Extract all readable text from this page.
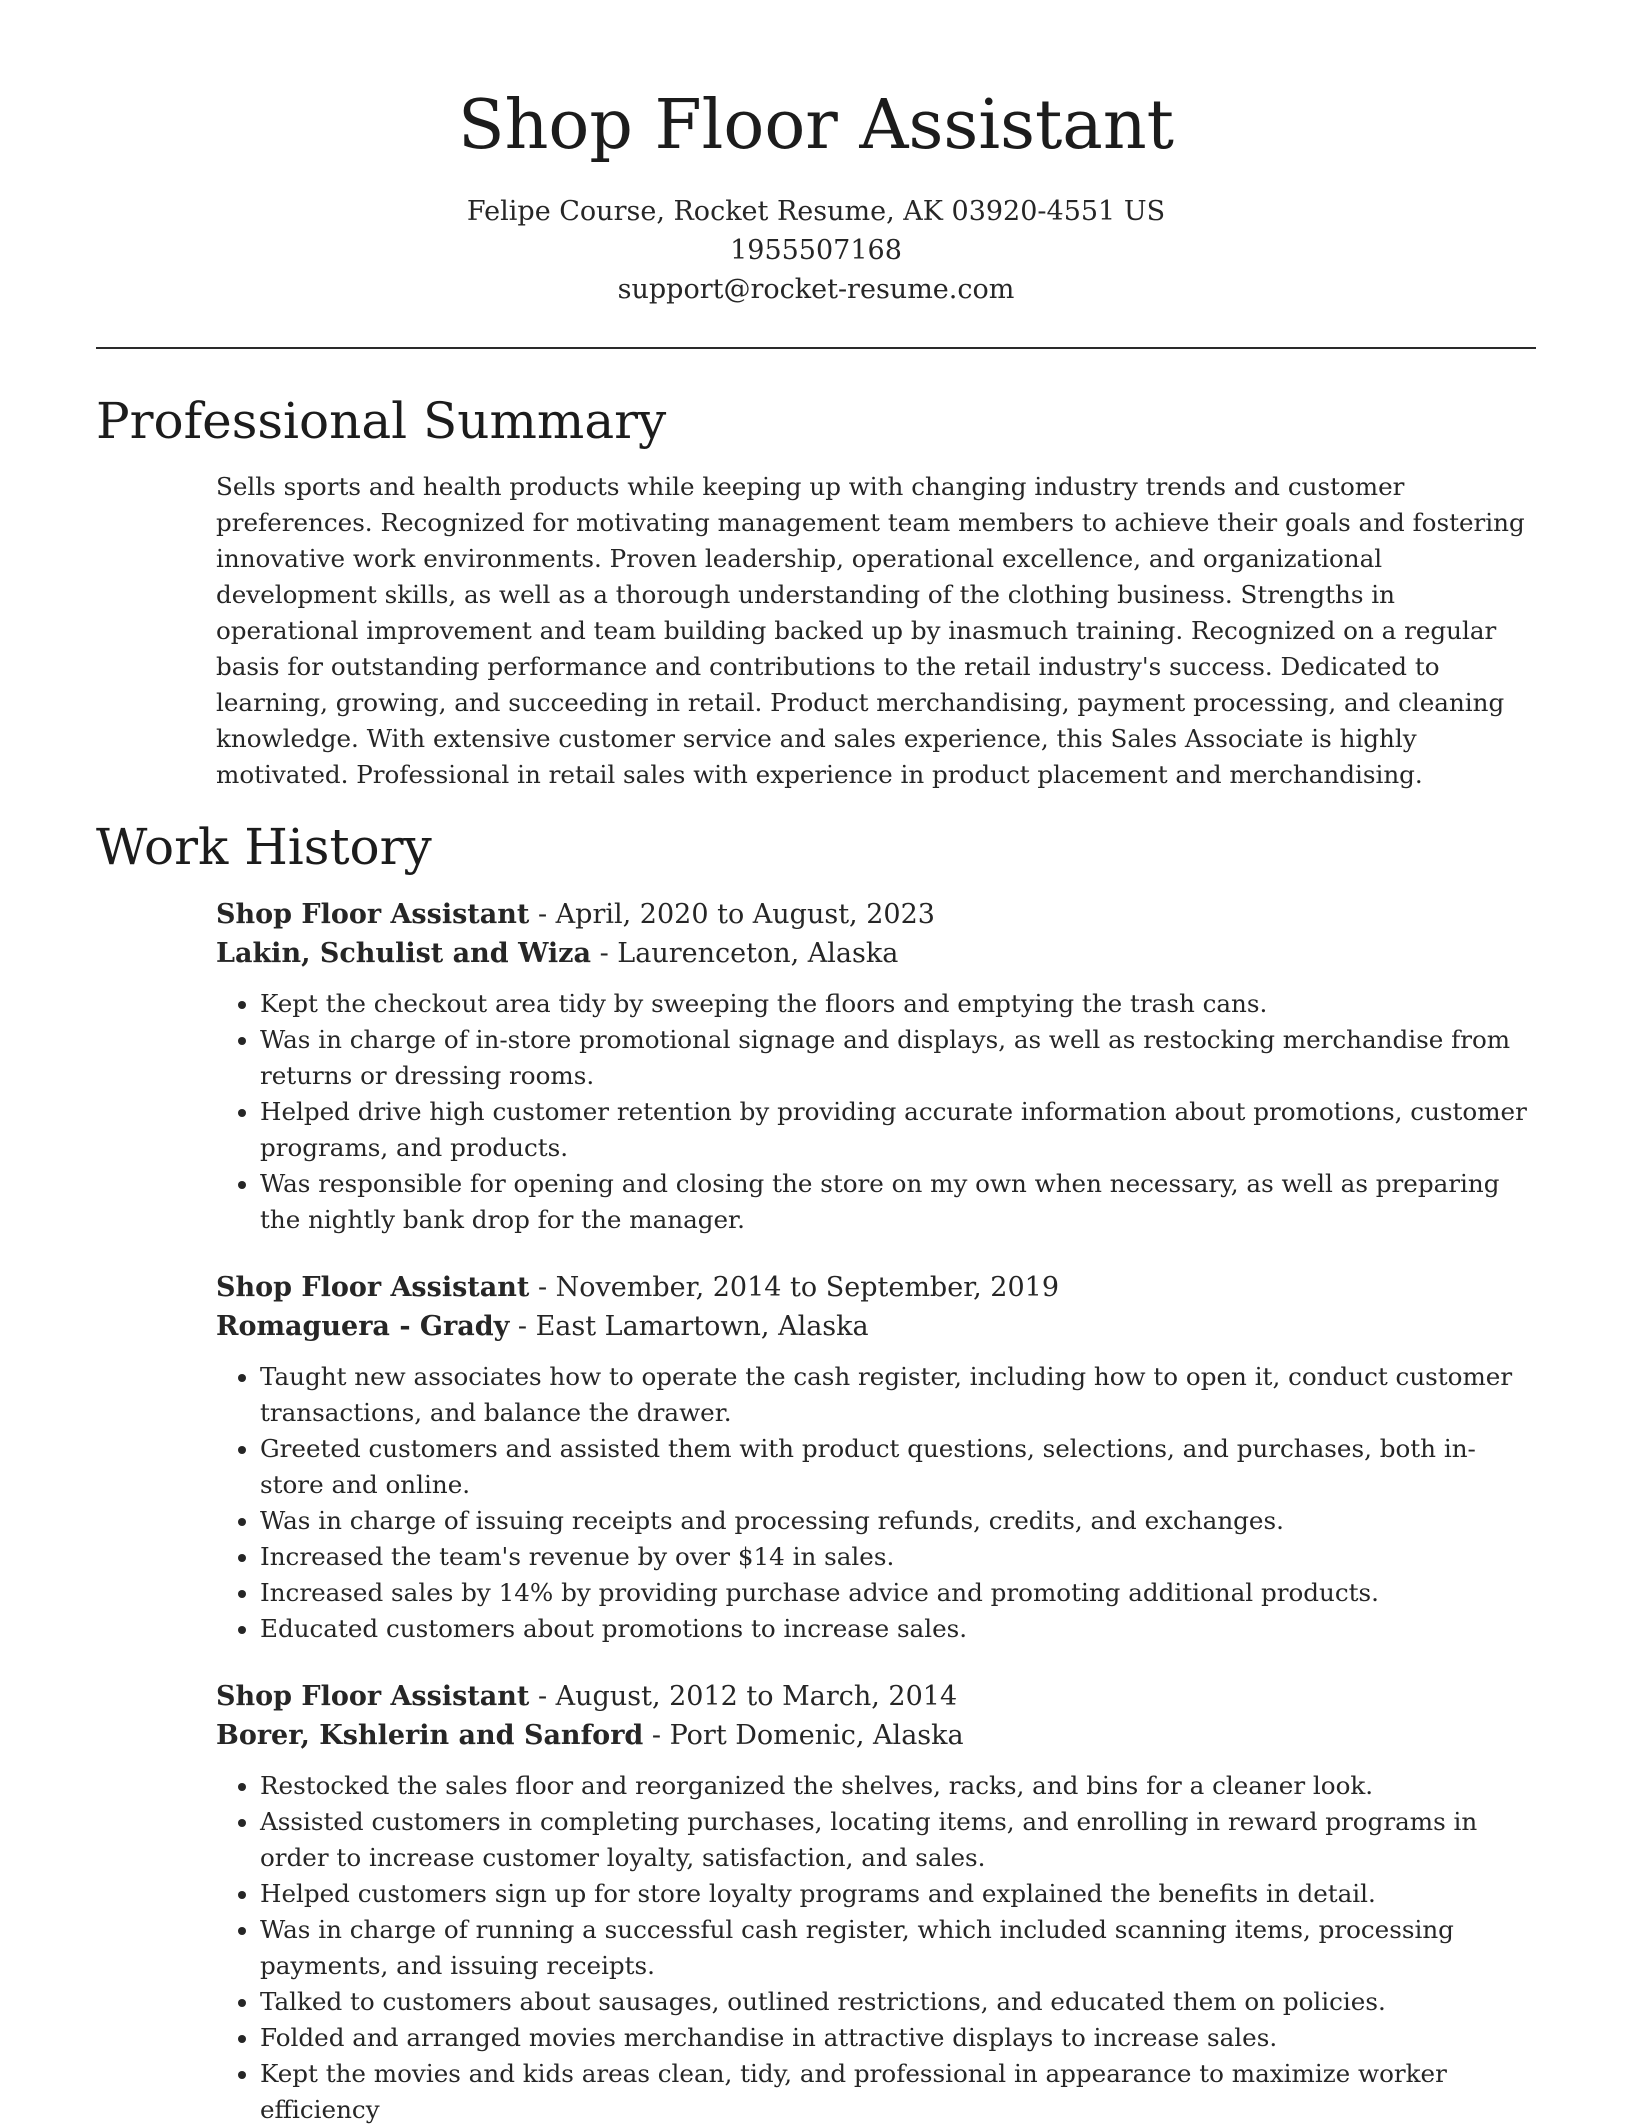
Shop Floor Assistant
Felipe Course, Rocket Resume, AK 03920-4551 US
1955507168
support@rocket-resume.com
Professional Summary

Sells sports and health products while keeping up with changing industry trends and customer preferences. Recognized for motivating management team members to achieve their goals and fostering innovative work environments. Proven leadership, operational excellence, and organizational development skills, as well as a thorough understanding of the clothing business. Strengths in operational improvement and team building backed up by inasmuch training. Recognized on a regular basis for outstanding performance and contributions to the retail industry's success. Dedicated to learning, growing, and succeeding in retail. Product merchandising, payment processing, and cleaning knowledge. With extensive customer service and sales experience, this Sales Associate is highly motivated. Professional in retail sales with experience in product placement and merchandising.

Work History
Shop Floor Assistant - April, 2020 to August, 2023
Lakin, Schulist and Wiza - Laurenceton, Alaska
• Kept the checkout area tidy by sweeping the floors and emptying the trash cans.
• Was in charge of in-store promotional signage and displays, as well as restocking merchandise from returns or dressing rooms.
• Helped drive high customer retention by providing accurate information about promotions, customer programs, and products.
• Was responsible for opening and closing the store on my own when necessary, as well as preparing the nightly bank drop for the manager.
Shop Floor Assistant - November, 2014 to September, 2019
Romaguera - Grady - East Lamartown, Alaska
• Taught new associates how to operate the cash register, including how to open it, conduct customer transactions, and balance the drawer.
• Greeted customers and assisted them with product questions, selections, and purchases, both in-store and online.
• Was in charge of issuing receipts and processing refunds, credits, and exchanges.
• Increased the team's revenue by over $14 in sales.
• Increased sales by 14% by providing purchase advice and promoting additional products.
• Educated customers about promotions to increase sales.
Shop Floor Assistant - August, 2012 to March, 2014
Borer, Kshlerin and Sanford - Port Domenic, Alaska
• Restocked the sales floor and reorganized the shelves, racks, and bins for a cleaner look.
• Assisted customers in completing purchases, locating items, and enrolling in reward programs in order to increase customer loyalty, satisfaction, and sales.
• Helped customers sign up for store loyalty programs and explained the benefits in detail.
• Was in charge of running a successful cash register, which included scanning items, processing payments, and issuing receipts.
• Talked to customers about sausages, outlined restrictions, and educated them on policies.
• Folded and arranged movies merchandise in attractive displays to increase sales.
• Kept the movies and kids areas clean, tidy, and professional in appearance to maximize worker efficiency
